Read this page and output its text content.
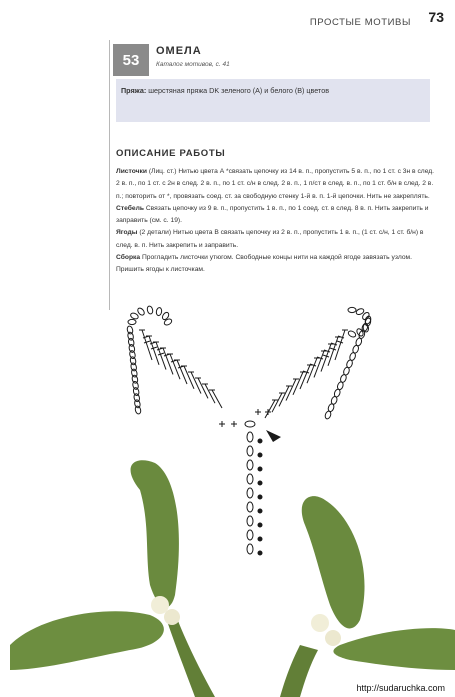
ПРОСТЫЕ МОТИВЫ 73
53
ОМЕЛА
Каталог мотивов, с. 41
Пряжа: шерстяная пряжа DK зеленого (А) и белого (В) цветов
ОПИСАНИЕ РАБОТЫ

Листочки (Лиц. ст.) Нитью цвета А *связать цепочку из 14 в. п., пропустить 5 в. п., по 1 ст. с 3н в след. 2 в. п., по 1 ст. с 2н в след. 2 в. п., по 1 ст. с/н в след. 2 в. п., 1 п/ст в след. в. п., по 1 ст. б/н в след. 2 в. п.; повторить от *, провязать соед. ст. за свободную стенку 1-й в. п. 1-й цепочки. Нить не закреплять.

Стебель Связать цепочку из 9 в. п., пропустить 1 в. п., по 1 соед. ст. в след. 8 в. п. Нить закрепить и заправить (см. с. 19).

Ягоды (2 детали) Нитью цвета В связать цепочку из 2 в. п., пропустить 1 в. п., (1 ст. с/н, 1 ст. б/н) в след. в. п. Нить закрепить и заправить.

Сборка Прогладить листочки утюгом. Свободные концы нити на каждой ягоде завязать узлом. Пришить ягоды к листочкам.

http://sudaruchka.com
